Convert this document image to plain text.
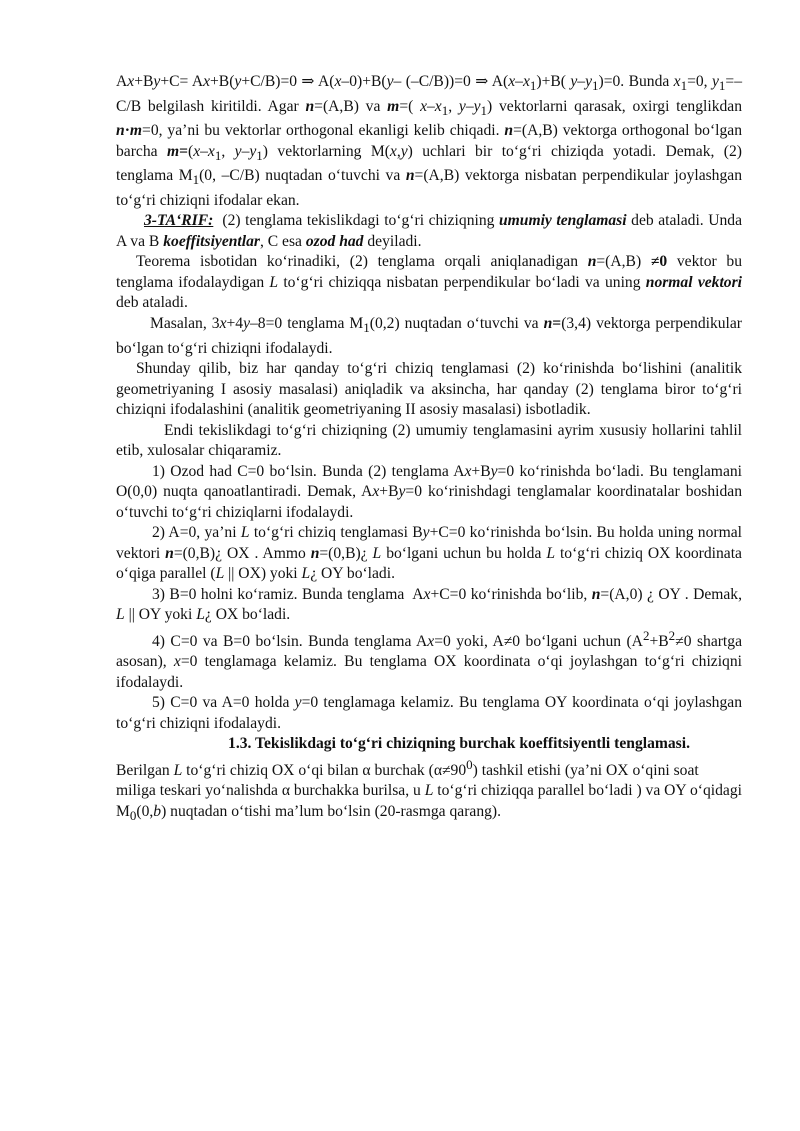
Ax+By+C= Ax+B(y+C/B)=0 ⇒ A(x–0)+B(y– (–C/B))=0 ⇒ $A(x-x_1)+B$( $y-y_1)=0$. Bunda $x_1=0$, $y_1=-C/B$ belgilash kiritildi. Agar n=(A,B) va m=( $x-x_1$, $y-y_1$) vektorlarni qarasak, oxirgi tenglikdan n·m=0, ya’ni bu vektorlar orthogonal ekanligi kelib chiqadi. n=(A,B) vektorga orthogonal bo‘lgan barcha $m=(x-x_1$, $y-y_1$) vektorlarning M(x,y) uchlari bir to‘g‘ri chiziqda yotadi. Demak, (2) tenglama $M_1(0$, –C/B) nuqtadan o‘tuvchi va n=(A,B) vektorga nisbatan perpendikular joylashgan to‘g‘ri chiziqni ifodalar ekan.

3-TA‘RIF:  (2) tenglama tekislikdagi to‘g‘ri chiziqning umumiy tenglamasi deb ataladi. Unda A va B koeffitsiyentlar, C esa ozod had deyiladi.

Teorema isbotidan ko‘rinadiki, (2) tenglama orqali aniqlanadigan n=(A,B) ≠0 vektor bu tenglama ifodalaydigan L to‘g‘ri chiziqqa nisbatan perpendikular bo‘ladi va uning normal vektori deb ataladi.

Masalan, 3x+4y–8=0 tenglama $M_1(0,2)$ nuqtadan o‘tuvchi va n=(3,4) vektorga perpendikular bo‘lgan to‘g‘ri chiziqni ifodalaydi.

Shunday qilib, biz har qanday to‘g‘ri chiziq tenglamasi (2) ko‘rinishda bo‘lishini (analitik geometriyaning I asosiy masalasi) aniqladik va aksincha, har qanday (2) tenglama biror to‘g‘ri chiziqni ifodalashini (analitik geometriyaning II asosiy masalasi) isbotladik.

Endi tekislikdagi to‘g‘ri chiziqning (2) umumiy tenglamasini ayrim xususiy hollarini tahlil etib, xulosalar chiqaramiz.

1) Ozod had C=0 bo‘lsin. Bunda (2) tenglama Ax+By=0 ko‘rinishda bo‘ladi. Bu tenglamani O(0,0) nuqta qanoatlantiradi. Demak, Ax+By=0 ko‘rinishdagi tenglamalar koordinatalar boshidan o‘tuvchi to‘g‘ri chiziqlarni ifodalaydi.

2) A=0, ya’ni L to‘g‘ri chiziq tenglamasi By+C=0 ko‘rinishda bo‘lsin. Bu holda uning normal vektori n=(0,B)¿ OX . Ammo n=(0,B)¿ L bo‘lgani uchun bu holda L to‘g‘ri chiziq OX koordinata o‘qiga parallel (L || OX) yoki L¿ OY bo‘ladi.

3) B=0 holni ko‘ramiz. Bunda tenglama  Ax+C=0 ko‘rinishda bo‘lib, n=(A,0) ¿ OY . Demak, L || OY yoki L¿ OX bo‘ladi.

4) C=0 va B=0 bo‘lsin. Bunda tenglama Ax=0 yoki, A≠0 bo‘lgani uchun ($A^2+B^2\ne 0$ shartga asosan), x=0 tenglamaga kelamiz. Bu tenglama OX koordinata o‘qi joylashgan to‘g‘ri chiziqni ifodalaydi.

5) C=0 va A=0 holda y=0 tenglamaga kelamiz. Bu tenglama OY koordinata o‘qi joylashgan to‘g‘ri chiziqni ifodalaydi.

1.3. Tekislikdagi to‘g‘ri chiziqning burchak koeffitsiyentli tenglamasi.

Berilgan L to‘g‘ri chiziq OX o‘qi bilan α burchak $(\alpha\ne 90^0)$ tashkil etishi (ya’ni OX o‘qini soat miliga teskari yo‘nalishda α burchakka burilsa, u L to‘g‘ri chiziqqa parallel bo‘ladi ) va OY o‘qidagi $M_0(0,b)$ nuqtadan o‘tishi ma’lum bo‘lsin (20-rasmga qarang).
